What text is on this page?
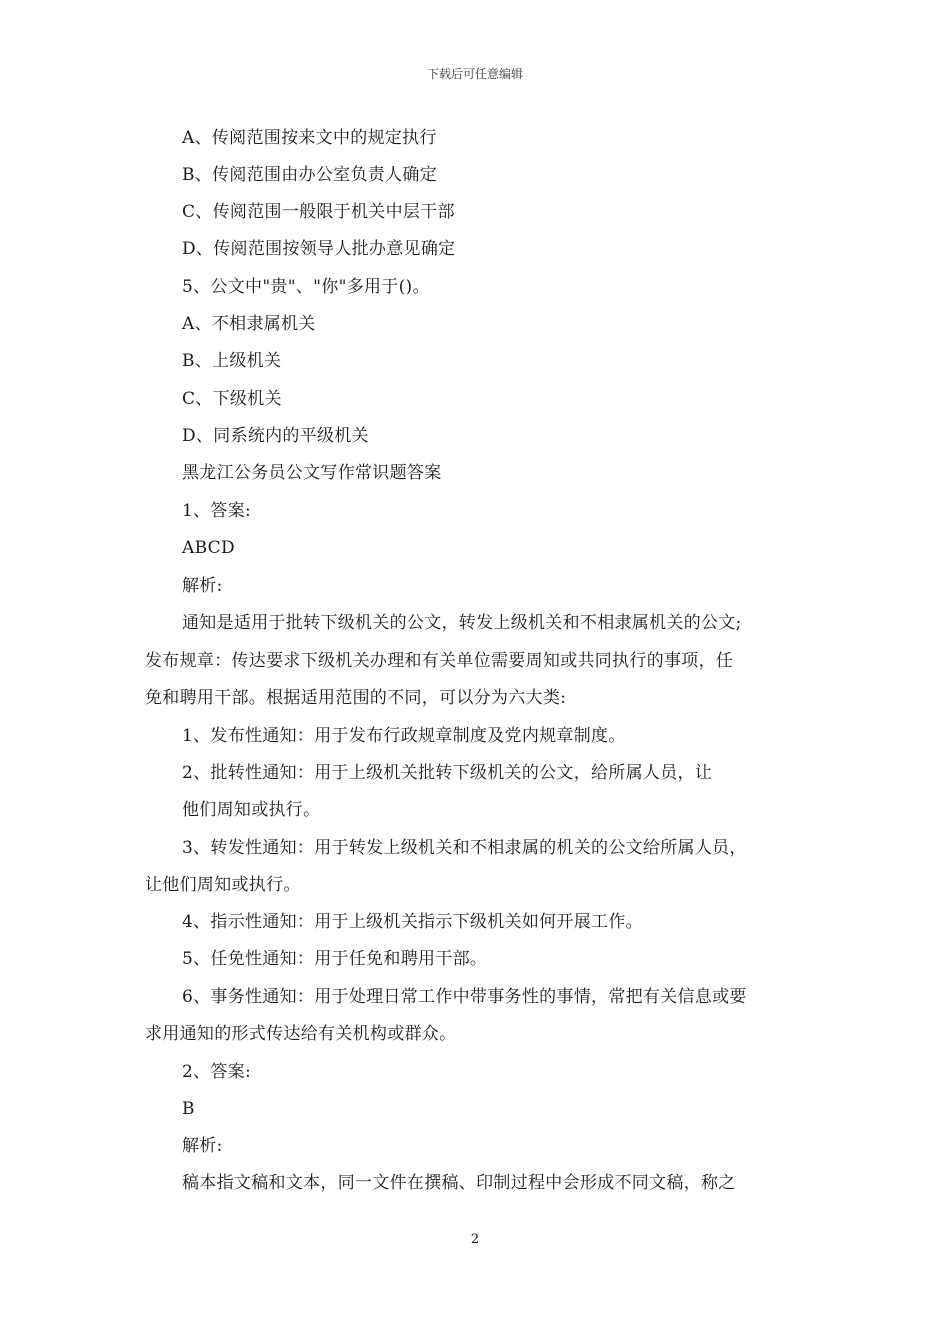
下载后可任意编辑
A、传阅范围按来文中的规定执行
B、传阅范围由办公室负责人确定
C、传阅范围一般限于机关中层干部
D、传阅范围按领导人批办意见确定
5、公文中"贵"、"你"多用于()。
A、不相隶属机关
B、上级机关
C、下级机关
D、同系统内的平级机关
黑龙江公务员公文写作常识题答案
1、答案:
ABCD
解析:
通知是适用于批转下级机关的公文，转发上级机关和不相隶属机关的公文;
发布规章：传达要求下级机关办理和有关单位需要周知或共同执行的事项，任
免和聘用干部。根据适用范围的不同，可以分为六大类:
1、发布性通知：用于发布行政规章制度及党内规章制度。
2、批转性通知：用于上级机关批转下级机关的公文，给所属人员，让
他们周知或执行。
3、转发性通知：用于转发上级机关和不相隶属的机关的公文给所属人员，
让他们周知或执行。
4、指示性通知：用于上级机关指示下级机关如何开展工作。
5、任免性通知：用于任免和聘用干部。
6、事务性通知：用于处理日常工作中带事务性的事情，常把有关信息或要
求用通知的形式传达给有关机构或群众。
2、答案:
B
解析:
稿本指文稿和文本，同一文件在撰稿、印制过程中会形成不同文稿，称之
2
